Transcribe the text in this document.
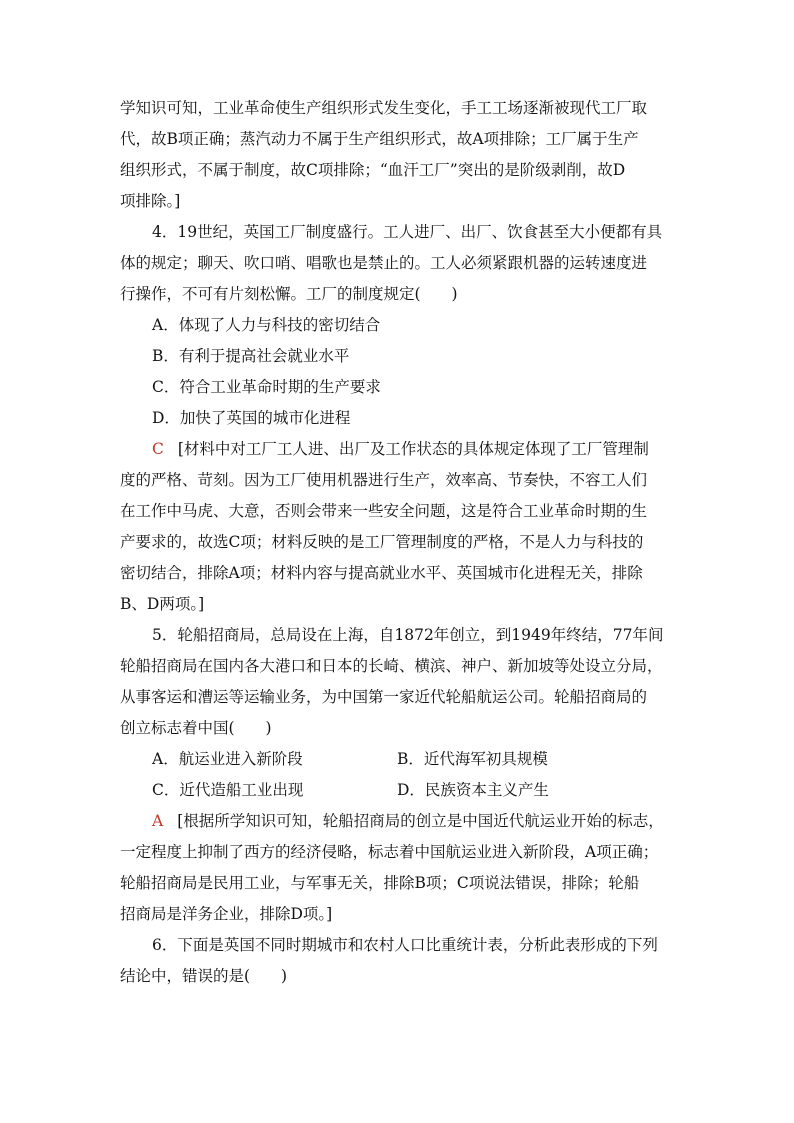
学知识可知，工业革命使生产组织形式发生变化，手工工场逐渐被现代工厂取
代，故B项正确；蒸汽动力不属于生产组织形式，故A项排除；工厂属于生产
组织形式，不属于制度，故C项排除；“血汗工厂”突出的是阶级剥削，故D
项排除。]
4．19世纪，英国工厂制度盛行。工人进厂、出厂、饮食甚至大小便都有具
体的规定；聊天、吹口哨、唱歌也是禁止的。工人必须紧跟机器的运转速度进
行操作，不可有片刻松懈。工厂的制度规定(　　)
A．体现了人力与科技的密切结合
B．有利于提高社会就业水平
C．符合工业革命时期的生产要求
D．加快了英国的城市化进程
C [材料中对工厂工人进、出厂及工作状态的具体规定体现了工厂管理制
度的严格、苛刻。因为工厂使用机器进行生产，效率高、节奏快，不容工人们
在工作中马虎、大意，否则会带来一些安全问题，这是符合工业革命时期的生
产要求的，故选C项；材料反映的是工厂管理制度的严格，不是人力与科技的
密切结合，排除A项；材料内容与提高就业水平、英国城市化进程无关，排除
B、D两项。]
5．轮船招商局，总局设在上海，自1872年创立，到1949年终结，77年间
轮船招商局在国内各大港口和日本的长崎、横滨、神户、新加坡等处设立分局，
从事客运和漕运等运输业务，为中国第一家近代轮船航运公司。轮船招商局的
创立标志着中国(　　)
A．航运业进入新阶段	B．近代海军初具规模
C．近代造船工业出现	D．民族资本主义产生
A [根据所学知识可知，轮船招商局的创立是中国近代航运业开始的标志，
一定程度上抑制了西方的经济侵略，标志着中国航运业进入新阶段，A项正确；
轮船招商局是民用工业，与军事无关，排除B项；C项说法错误，排除；轮船
招商局是洋务企业，排除D项。]
6．下面是英国不同时期城市和农村人口比重统计表，分析此表形成的下列
结论中，错误的是(　　)
